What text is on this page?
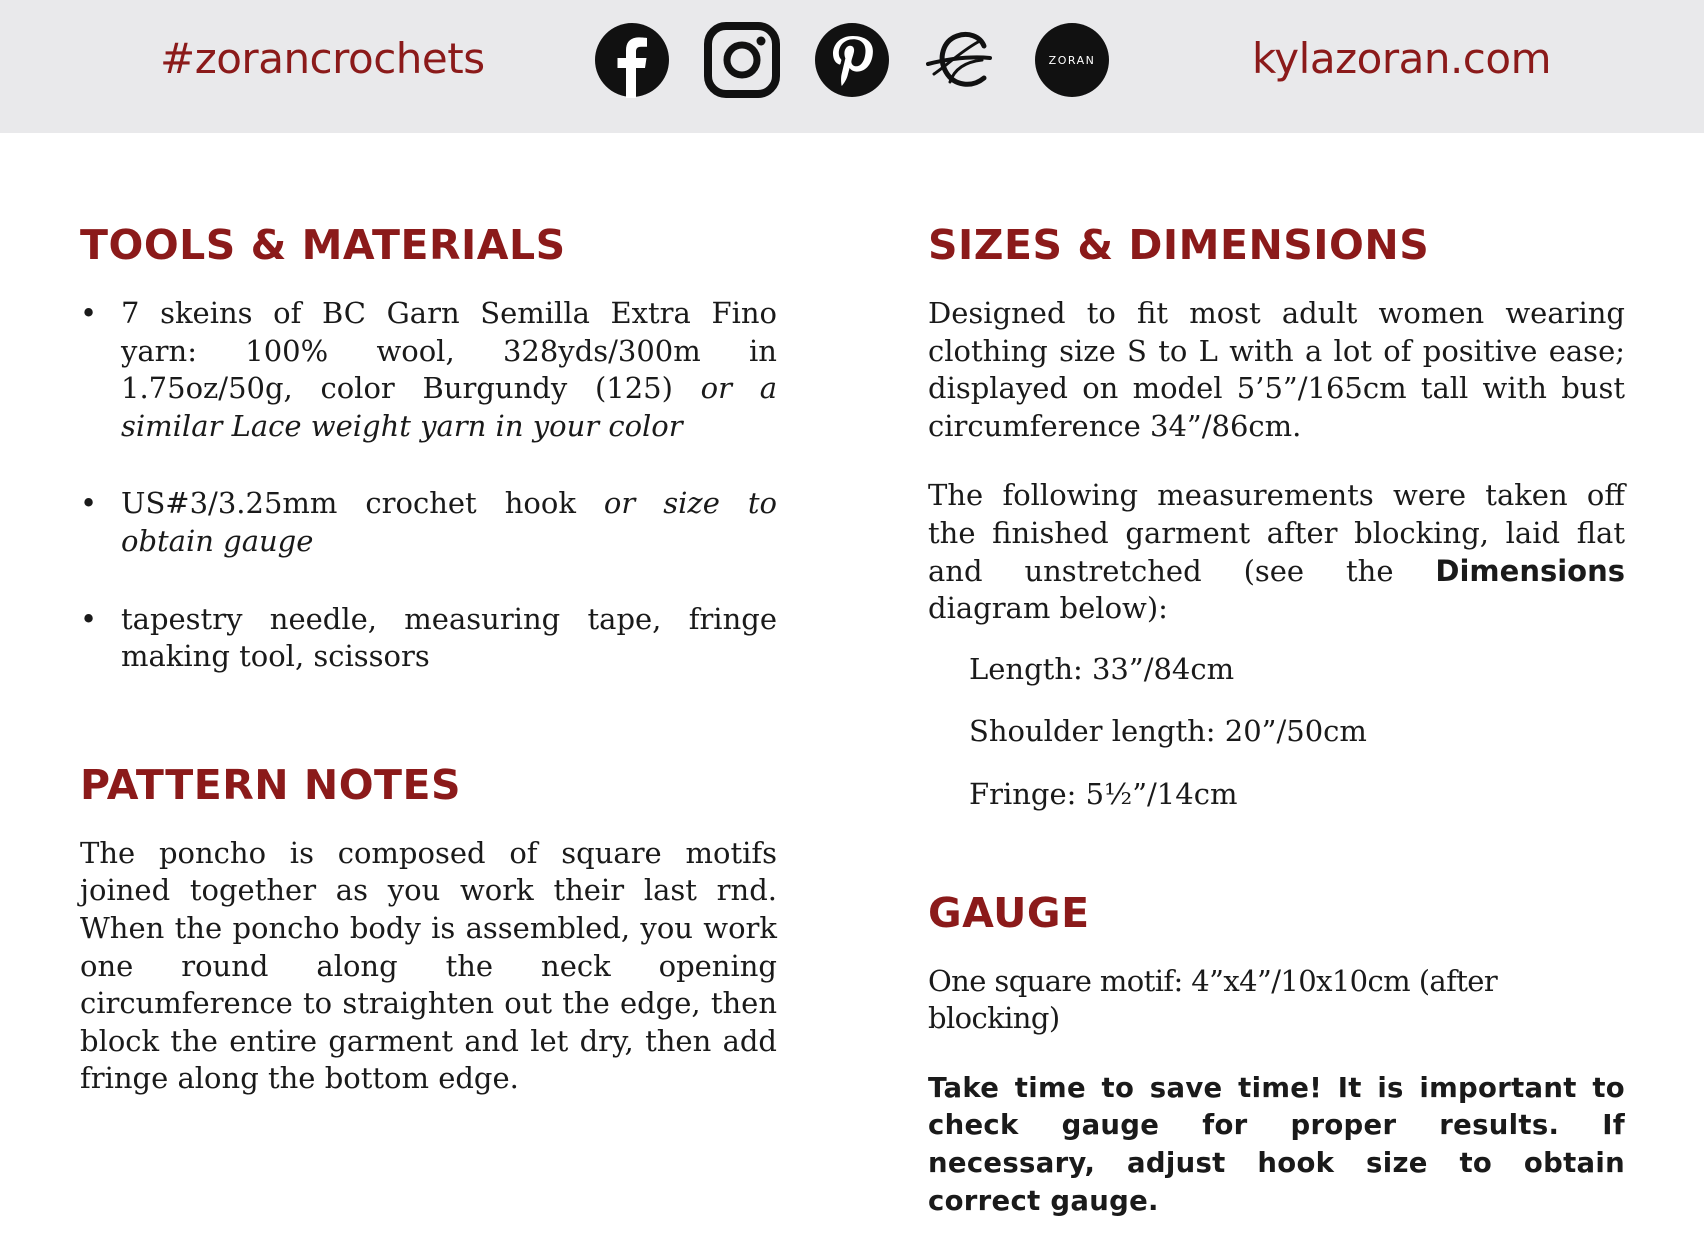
#zorancrochets	ZORAN	kylazoran.com
TOOLS & MATERIALS
• 7 skeins of BC Garn Semilla Extra Fino yarn: 100% wool, 328yds/300m in 1.75oz/50g, color Burgundy (125) or a similar Lace weight yarn in your color
• US#3/3.25mm crochet hook or size to obtain gauge
• tapestry needle, measuring tape, fringe making tool, scissors
PATTERN NOTES

The poncho is composed of square motifs joined together as you work their last rnd. When the poncho body is assembled, you work one round along the neck opening circumference to straighten out the edge, then block the entire garment and let dry, then add fringe along the bottom edge.

SIZES & DIMENSIONS

Designed to fit most adult women wearing clothing size S to L with a lot of positive ease; displayed on model 5’5”/165cm tall with bust circumference 34”/86cm.

The following measurements were taken off the finished garment after blocking, laid flat and unstretched (see the Dimensions diagram below):

Length: 33”/84cm

Shoulder length: 20”/50cm

Fringe: 5½”/14cm

GAUGE

One square motif: 4”x4”/10x10cm (after blocking)

Take time to save time! It is important to check gauge for proper results. If necessary, adjust hook size to obtain correct gauge.
